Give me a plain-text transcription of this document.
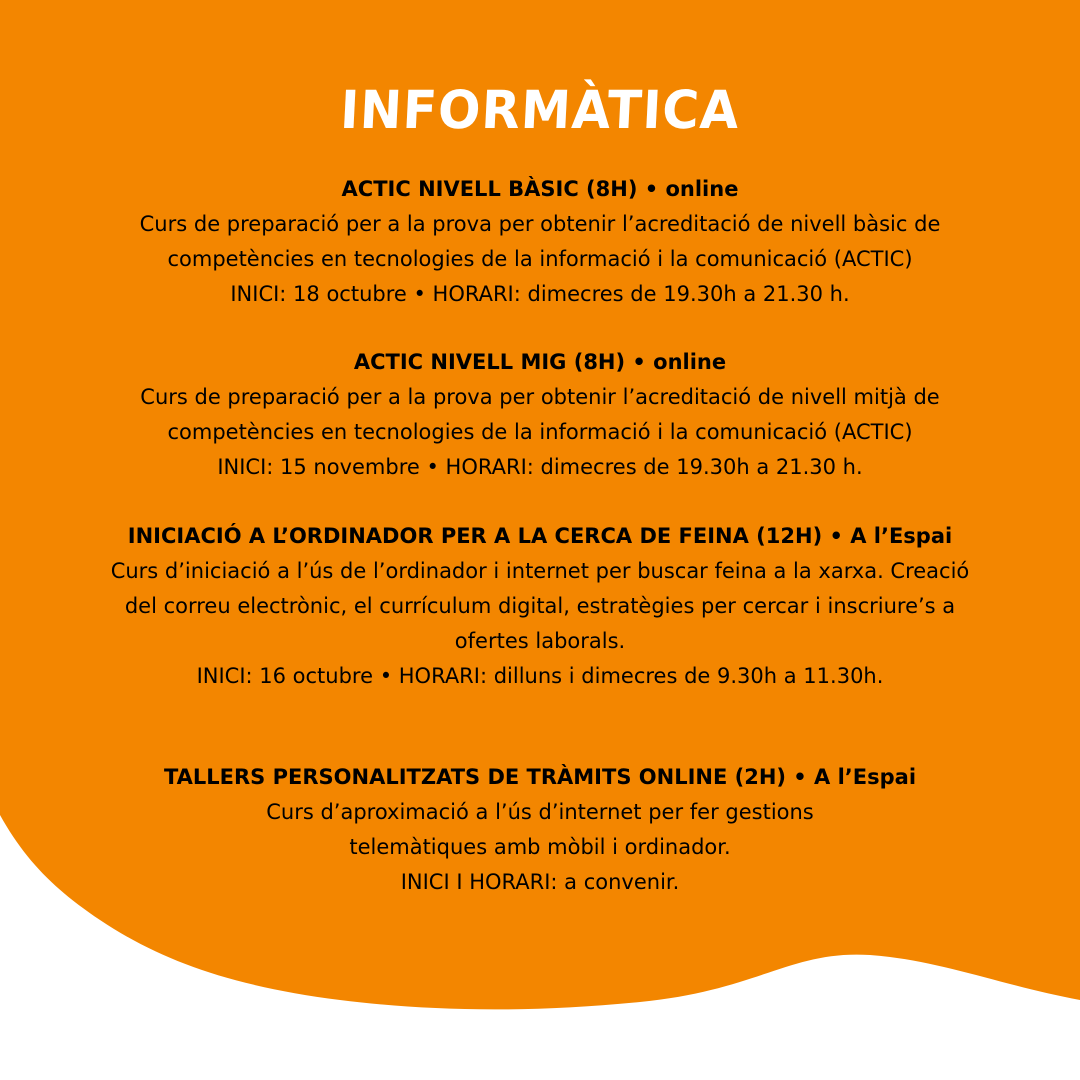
INFORMÀTICA

ACTIC NIVELL BÀSIC (8H) • online

Curs de preparació per a la prova per obtenir l’acreditació de nivell bàsic de competències en tecnologies de la informació i la comunicació (ACTIC)

INICI: 18 octubre • HORARI: dimecres de 19.30h a 21.30 h.

ACTIC NIVELL MIG (8H) • online

Curs de preparació per a la prova per obtenir l’acreditació de nivell mitjà de competències en tecnologies de la informació i la comunicació (ACTIC)

INICI: 15 novembre • HORARI: dimecres de 19.30h a 21.30 h.

INICIACIÓ A L’ORDINADOR PER A LA CERCA DE FEINA (12H) • A l’Espai

Curs d’iniciació a l’ús de l’ordinador i internet per buscar feina a la xarxa. Creació del correu electrònic, el currículum digital, estratègies per cercar i inscriure’s a ofertes laborals.

INICI: 16 octubre • HORARI: dilluns i dimecres de 9.30h a 11.30h.

TALLERS PERSONALITZATS DE TRÀMITS ONLINE (2H) • A l’Espai

Curs d’aproximació a l’ús d’internet per fer gestions telemàtiques amb mòbil i ordinador.

INICI I HORARI: a convenir.
